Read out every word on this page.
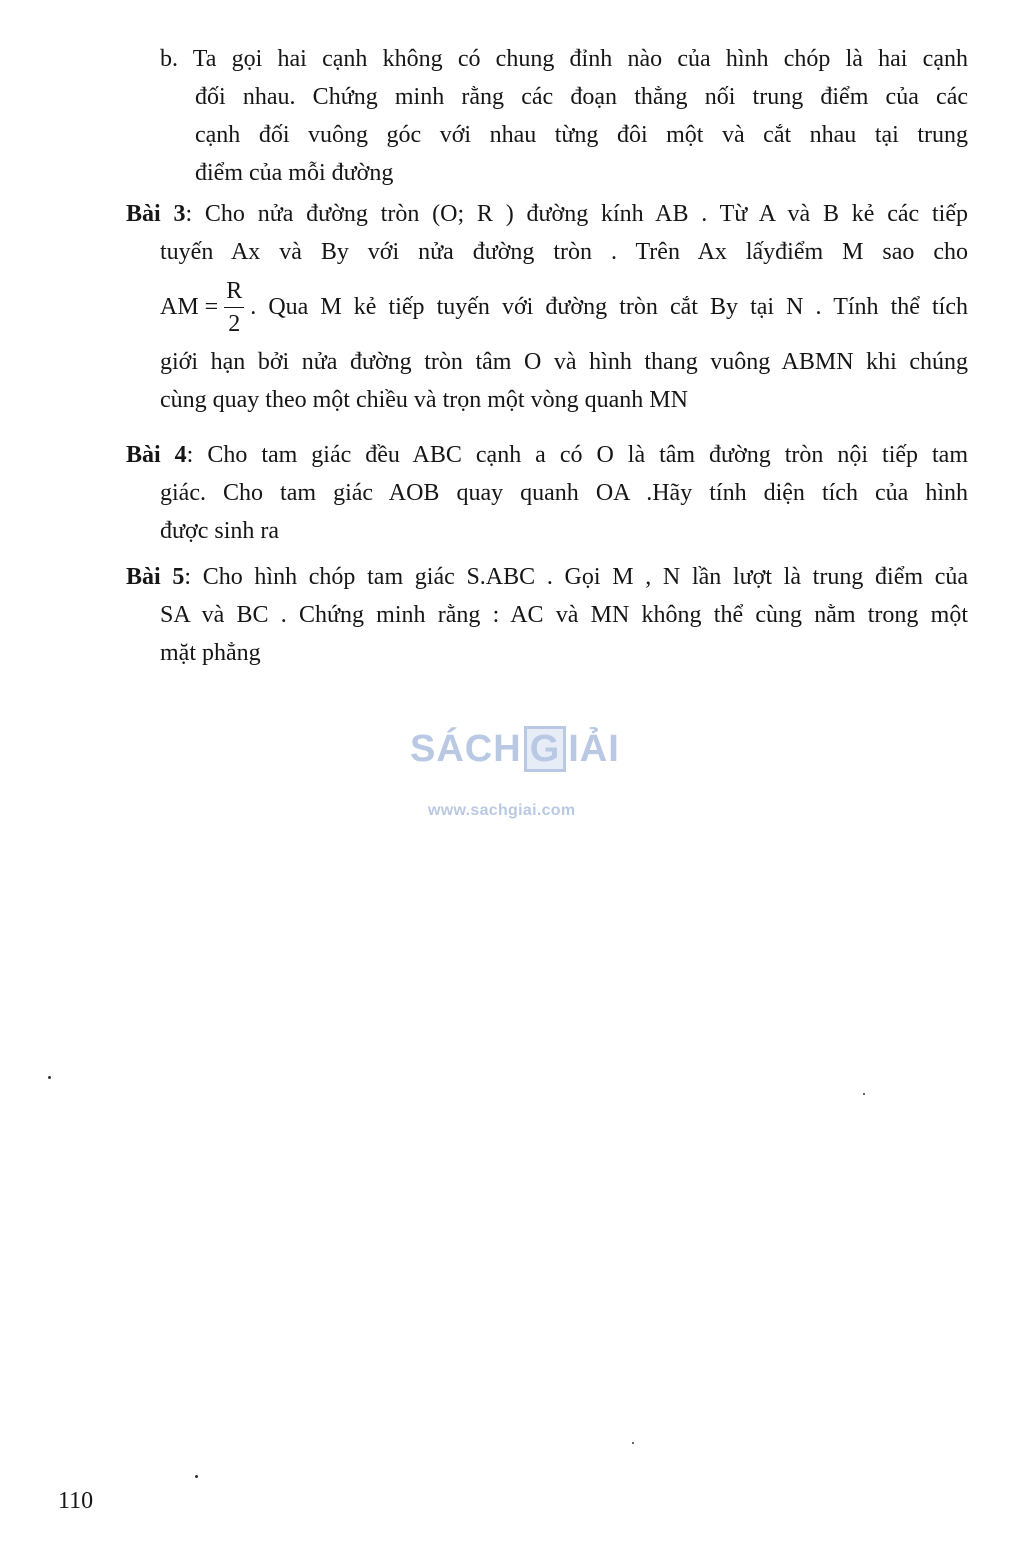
b. Ta gọi hai cạnh không có chung đỉnh nào của hình chóp là hai cạnh
đối nhau. Chứng minh rằng các đoạn thẳng nối trung điểm của các
cạnh đối vuông góc với nhau từng đôi một và cắt nhau tại trung
điểm của mỗi đường
Bài 3: Cho nửa đường tròn (O; R ) đường kính AB . Từ A và B kẻ các tiếp
tuyến Ax và By với nửa đường tròn . Trên Ax lấyđiểm M sao cho
AM = $\frac{R}{2}$ . Qua M kẻ tiếp tuyến với đường tròn cắt By tại N . Tính thể tích
giới hạn bởi nửa đường tròn tâm O và hình thang vuông ABMN khi chúng
cùng quay theo một chiều và trọn một vòng quanh MN
Bài 4: Cho tam giác đều ABC cạnh a có O là tâm đường tròn nội tiếp tam
giác. Cho tam giác AOB quay quanh OA .Hãy tính diện tích của hình
được sinh ra
Bài 5: Cho hình chóp tam giác S.ABC . Gọi M , N lần lượt là trung điểm của
SA và BC . Chứng minh rằng : AC và MN không thể cùng nằm trong một
mặt phẳng
SÁCH G IẢI
www.sachgiai.com
110
